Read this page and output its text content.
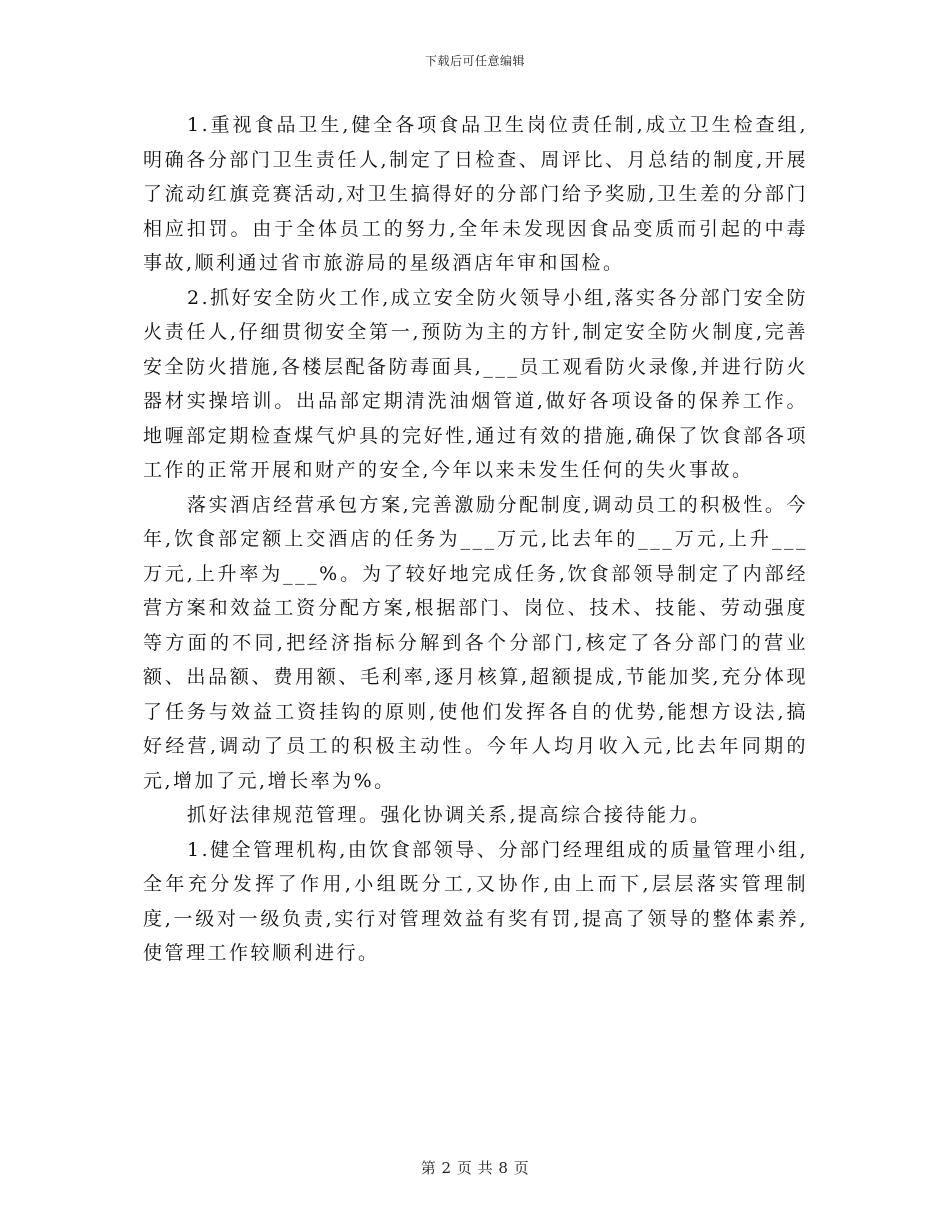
下载后可任意编辑

1.重视食品卫生,健全各项食品卫生岗位责任制,成立卫生检查组,明确各分部门卫生责任人,制定了日检查、周评比、月总结的制度,开展了流动红旗竞赛活动,对卫生搞得好的分部门给予奖励,卫生差的分部门相应扣罚。由于全体员工的努力,全年未发现因食品变质而引起的中毒事故,顺利通过省市旅游局的星级酒店年审和国检。

2.抓好安全防火工作,成立安全防火领导小组,落实各分部门安全防火责任人,仔细贯彻安全第一,预防为主的方针,制定安全防火制度,完善安全防火措施,各楼层配备防毒面具,___员工观看防火录像,并进行防火器材实操培训。出品部定期清洗油烟管道,做好各项设备的保养工作。地喱部定期检查煤气炉具的完好性,通过有效的措施,确保了饮食部各项工作的正常开展和财产的安全,今年以来未发生任何的失火事故。

落实酒店经营承包方案,完善激励分配制度,调动员工的积极性。今年,饮食部定额上交酒店的任务为___万元,比去年的___万元,上升___万元,上升率为___%。为了较好地完成任务,饮食部领导制定了内部经营方案和效益工资分配方案,根据部门、岗位、技术、技能、劳动强度等方面的不同,把经济指标分解到各个分部门,核定了各分部门的营业额、出品额、费用额、毛利率,逐月核算,超额提成,节能加奖,充分体现了任务与效益工资挂钩的原则,使他们发挥各自的优势,能想方设法,搞好经营,调动了员工的积极主动性。今年人均月收入元,比去年同期的元,增加了元,增长率为%。

抓好法律规范管理。强化协调关系,提高综合接待能力。

1.健全管理机构,由饮食部领导、分部门经理组成的质量管理小组,全年充分发挥了作用,小组既分工,又协作,由上而下,层层落实管理制度,一级对一级负责,实行对管理效益有奖有罚,提高了领导的整体素养,使管理工作较顺利进行。

第 2 页 共 8 页
